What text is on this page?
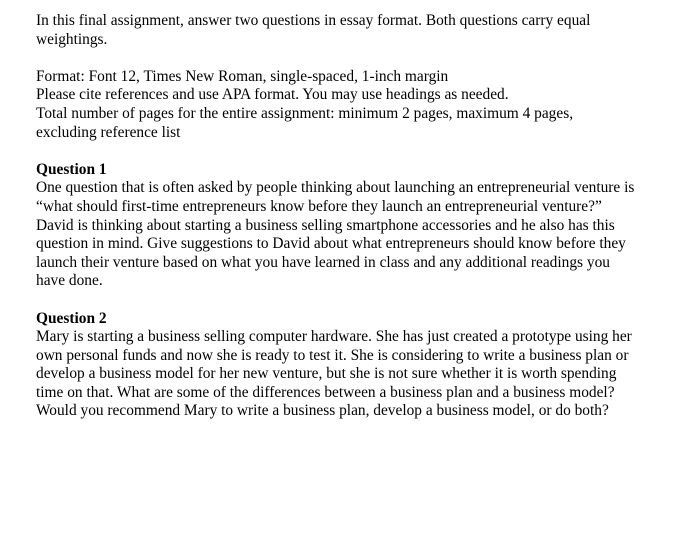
In this final assignment, answer two questions in essay format. Both questions carry equal
weightings.

Format: Font 12, Times New Roman, single-spaced, 1-inch margin
Please cite references and use APA format. You may use headings as needed.
Total number of pages for the entire assignment: minimum 2 pages, maximum 4 pages,
excluding reference list

Question 1

One question that is often asked by people thinking about launching an entrepreneurial venture is
“what should first-time entrepreneurs know before they launch an entrepreneurial venture?”
David is thinking about starting a business selling smartphone accessories and he also has this
question in mind. Give suggestions to David about what entrepreneurs should know before they
launch their venture based on what you have learned in class and any additional readings you
have done.

Question 2

Mary is starting a business selling computer hardware. She has just created a prototype using her
own personal funds and now she is ready to test it. She is considering to write a business plan or
develop a business model for her new venture, but she is not sure whether it is worth spending
time on that. What are some of the differences between a business plan and a business model?
Would you recommend Mary to write a business plan, develop a business model, or do both?
